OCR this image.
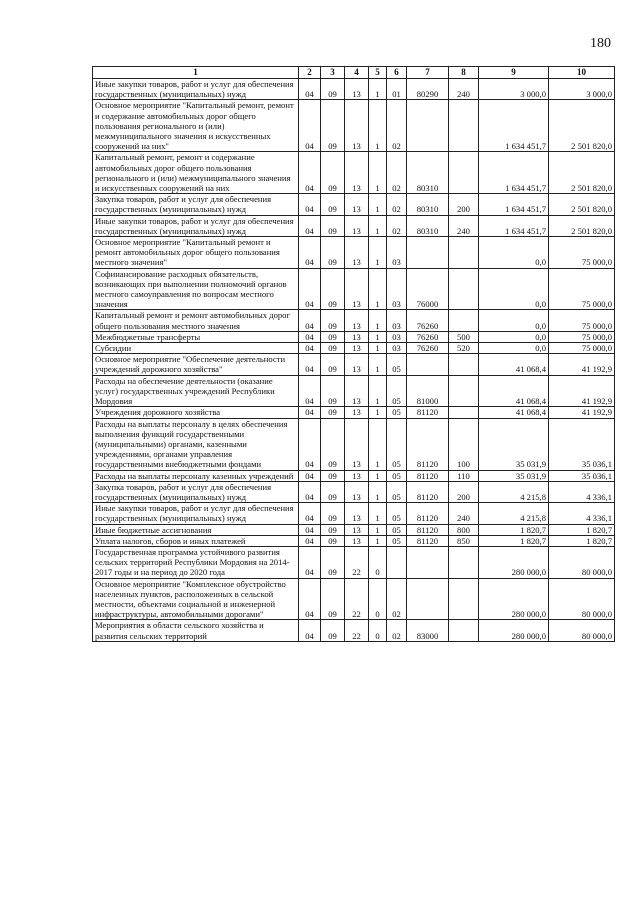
180
1	2	3	4	5	6	7	8	9	10
Иные закупки товаров, работ и услуг для обеспечения государственных (муниципальных) нужд	04	09	13	1	01	80290	240	3 000,0	3 000,0
Основное мероприятие "Капитальный ремонт, ремонт и содержание автомобильных дорог общего пользования регионального и (или) межмуниципального значения и искусственных сооружений на них"	04	09	13	1	02			1 634 451,7	2 501 820,0
Капитальный ремонт, ремонт и содержание автомобильных дорог общего пользования регионального и (или) межмуниципального значения и искусственных сооружений на них	04	09	13	1	02	80310		1 634 451,7	2 501 820,0
Закупка товаров, работ и услуг для обеспечения государственных (муниципальных) нужд	04	09	13	1	02	80310	200	1 634 451,7	2 501 820,0
Иные закупки товаров, работ и услуг для обеспечения государственных (муниципальных) нужд	04	09	13	1	02	80310	240	1 634 451,7	2 501 820,0
Основное мероприятие "Капитальный ремонт и ремонт автомобильных дорог общего пользования местного значения"	04	09	13	1	03			0,0	75 000,0
Софинансирование расходных обязательств, возникающих при выполнении полномочий органов местного самоуправления по вопросам местного значения	04	09	13	1	03	76000		0,0	75 000,0
Капитальный ремонт и ремонт автомобильных дорог общего пользования местного значения	04	09	13	1	03	76260		0,0	75 000,0
Межбюджетные трансферты	04	09	13	1	03	76260	500	0,0	75 000,0
Субсидии	04	09	13	1	03	76260	520	0,0	75 000,0
Основное мероприятие "Обеспечение деятельности учреждений дорожного хозяйства"	04	09	13	1	05			41 068,4	41 192,9
Расходы на обеспечение деятельности (оказание услуг) государственных учреждений Республики Мордовия	04	09	13	1	05	81000		41 068,4	41 192,9
Учреждения дорожного хозяйства	04	09	13	1	05	81120		41 068,4	41 192,9
Расходы на выплаты персоналу в целях обеспечения выполнения функций государственными (муниципальными) органами, казенными учреждениями, органами управления государственными внебюджетными фондами	04	09	13	1	05	81120	100	35 031,9	35 036,1
Расходы на выплаты персоналу казенных учреждений	04	09	13	1	05	81120	110	35 031,9	35 036,1
Закупка товаров, работ и услуг для обеспечения государственных (муниципальных) нужд	04	09	13	1	05	81120	200	4 215,8	4 336,1
Иные закупки товаров, работ и услуг для обеспечения государственных (муниципальных) нужд	04	09	13	1	05	81120	240	4 215,8	4 336,1
Иные бюджетные ассигнования	04	09	13	1	05	81120	800	1 820,7	1 820,7
Уплата налогов, сборов и иных платежей	04	09	13	1	05	81120	850	1 820,7	1 820,7
Государственная программа устойчивого развития сельских территорий Республики Мордовия на 2014-2017 годы и на период до 2020 года	04	09	22	0				280 000,0	80 000,0
Основное мероприятие "Комплексное обустройство населенных пунктов, расположенных в сельской местности, объектами социальной и инженерной инфраструктуры, автомобильными дорогами"	04	09	22	0	02			280 000,0	80 000,0
Мероприятия в области сельского хозяйства и развития сельских территорий	04	09	22	0	02	83000		280 000,0	80 000,0
